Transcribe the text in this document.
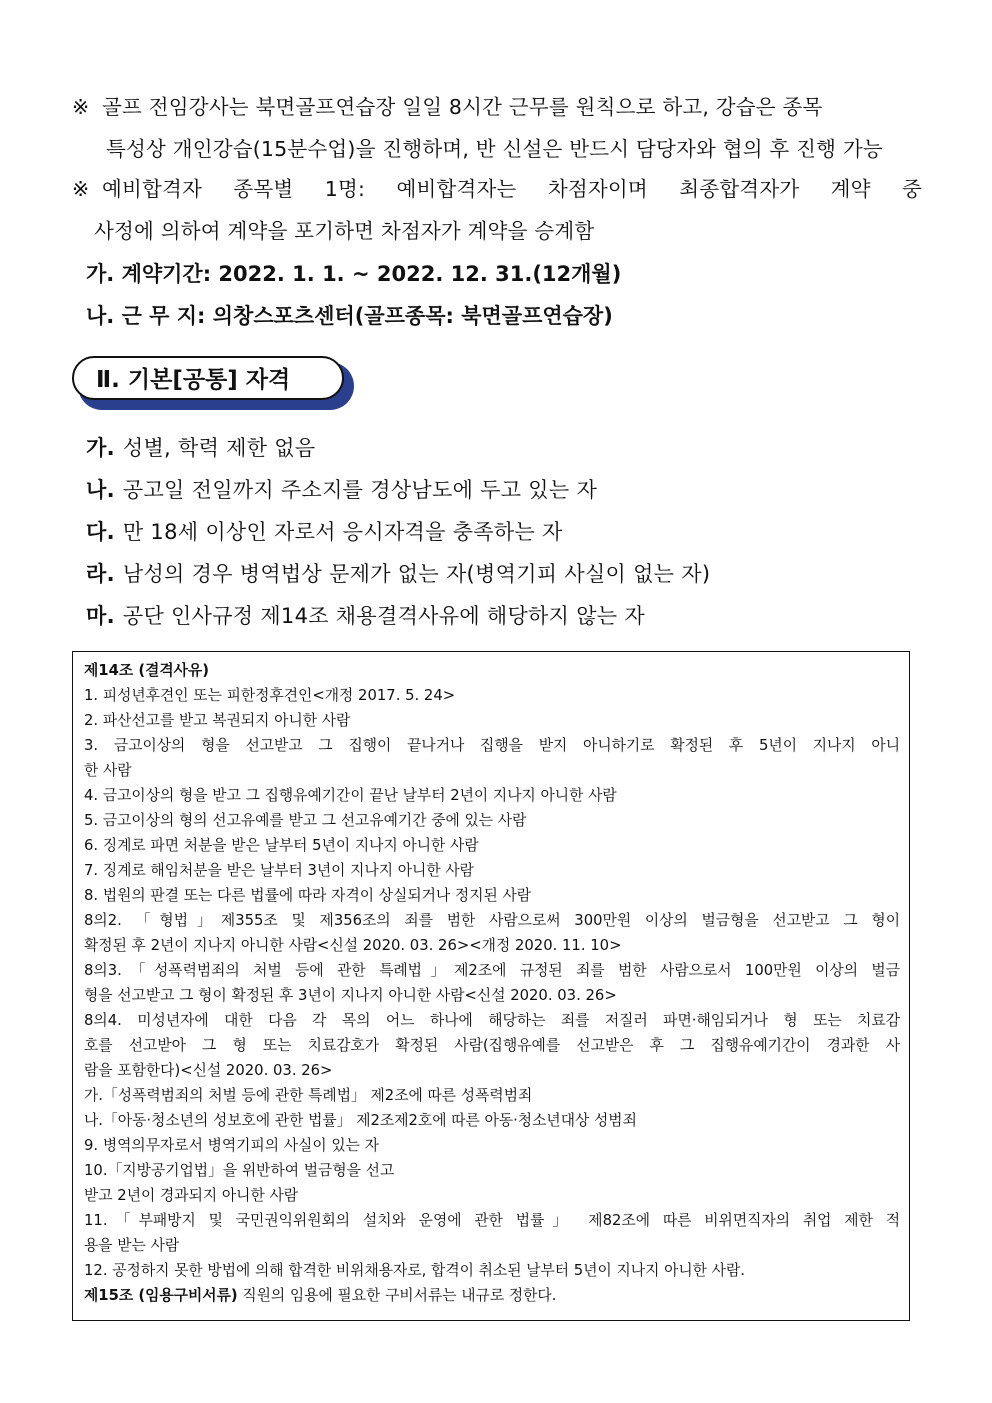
※ 골프 전임강사는 북면골프연습장 일일 8시간 근무를 원칙으로 하고, 강습은 종목
특성상 개인강습(15분수업)을 진행하며, 반 신설은 반드시 담당자와 협의 후 진행 가능
※ 예비합격자 종목별 1명: 예비합격자는 차점자이며 최종합격자가 계약 중
사정에 의하여 계약을 포기하면 차점자가 계약을 승계함
가. 계약기간: 2022. 1. 1. ~ 2022. 12. 31.(12개월)
나. 근 무 지: 의창스포츠센터(골프종목: 북면골프연습장)
Ⅱ. 기본[공통] 자격
가. 성별, 학력 제한 없음
나. 공고일 전일까지 주소지를 경상남도에 두고 있는 자
다. 만 18세 이상인 자로서 응시자격을 충족하는 자
라. 남성의 경우 병역법상 문제가 없는 자(병역기피 사실이 없는 자)
마. 공단 인사규정 제14조 채용결격사유에 해당하지 않는 자
제14조 (결격사유)
1. 피성년후견인 또는 피한정후견인<개정 2017. 5. 24>
2. 파산선고를 받고 복권되지 아니한 사람
3. 금고이상의 형을 선고받고 그 집행이 끝나거나 집행을 받지 아니하기로 확정된 후 5년이 지나지 아니
한 사람
4. 금고이상의 형을 받고 그 집행유예기간이 끝난 날부터 2년이 지나지 아니한 사람
5. 금고이상의 형의 선고유예를 받고 그 선고유예기간 중에 있는 사람
6. 징계로 파면 처분을 받은 날부터 5년이 지나지 아니한 사람
7. 징계로 해임처분을 받은 날부터 3년이 지나지 아니한 사람
8. 법원의 판결 또는 다른 법률에 따라 자격이 상실되거나 정지된 사람
8의2. 「형법」제355조 및 제356조의 죄를 범한 사람으로써 300만원 이상의 벌금형을 선고받고 그 형이
확정된 후 2년이 지나지 아니한 사람<신설 2020. 03. 26><개정 2020. 11. 10>
8의3.「성폭력범죄의 처벌 등에 관한 특례법」제2조에 규정된 죄를 범한 사람으로서 100만원 이상의 벌금
형을 선고받고 그 형이 확정된 후 3년이 지나지 아니한 사람<신설 2020. 03. 26>
8의4. 미성년자에 대한 다음 각 목의 어느 하나에 해당하는 죄를 저질러 파면·해임되거나 형 또는 치료감
호를 선고받아 그 형 또는 치료감호가 확정된 사람(집행유예를 선고받은 후 그 집행유예기간이 경과한 사
람을 포함한다)<신설 2020. 03. 26>
가.「성폭력범죄의 처벌 등에 관한 특례법」 제2조에 따른 성폭력범죄
나.「아동·청소년의 성보호에 관한 법률」 제2조제2호에 따른 아동·청소년대상 성범죄
9. 병역의무자로서 병역기피의 사실이 있는 자
10.「지방공기업법」을 위반하여 벌금형을 선고
받고 2년이 경과되지 아니한 사람
11.「부패방지 및 국민권익위원회의 설치와 운영에 관한 법률」 제82조에 따른 비위면직자의 취업 제한 적
용을 받는 사람
12. 공정하지 못한 방법에 의해 합격한 비위채용자로, 합격이 취소된 날부터 5년이 지나지 아니한 사람.
제15조 (임용구비서류) 직원의 임용에 필요한 구비서류는 내규로 정한다.
